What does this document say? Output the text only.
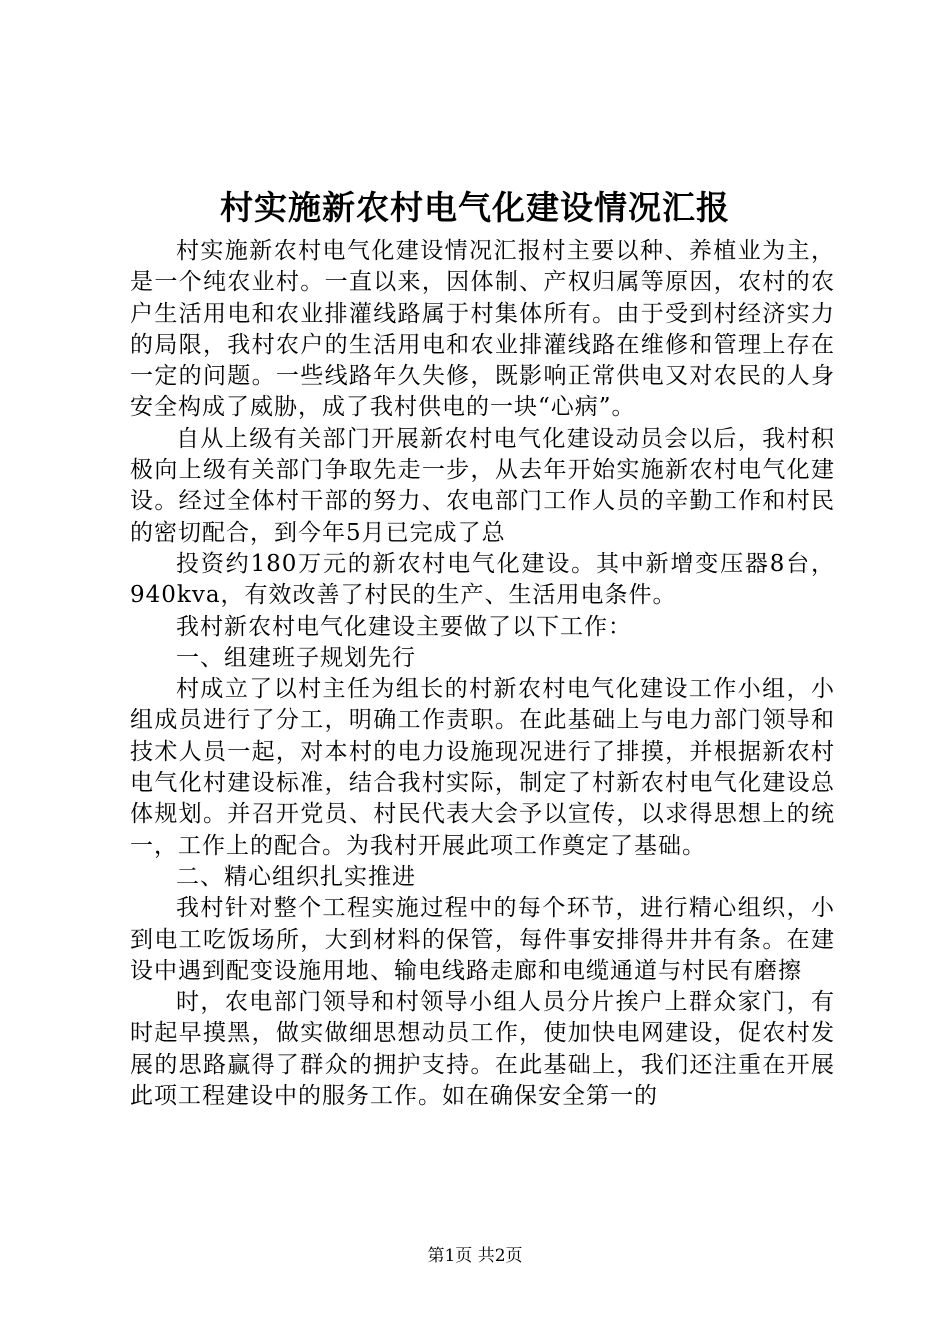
村实施新农村电气化建设情况汇报

村实施新农村电气化建设情况汇报村主要以种、养植业为主，是一个纯农业村。一直以来，因体制、产权归属等原因，农村的农户生活用电和农业排灌线路属于村集体所有。由于受到村经济实力的局限，我村农户的生活用电和农业排灌线路在维修和管理上存在一定的问题。一些线路年久失修，既影响正常供电又对农民的人身安全构成了威胁，成了我村供电的一块“心病”。

自从上级有关部门开展新农村电气化建设动员会以后，我村积极向上级有关部门争取先走一步，从去年开始实施新农村电气化建设。经过全体村干部的努力、农电部门工作人员的辛勤工作和村民的密切配合，到今年5月已完成了总

投资约180万元的新农村电气化建设。其中新增变压器8台，940kva，有效改善了村民的生产、生活用电条件。

我村新农村电气化建设主要做了以下工作：

一、组建班子规划先行

村成立了以村主任为组长的村新农村电气化建设工作小组，小组成员进行了分工，明确工作责职。在此基础上与电力部门领导和技术人员一起，对本村的电力设施现况进行了排摸，并根据新农村电气化村建设标准，结合我村实际，制定了村新农村电气化建设总体规划。并召开党员、村民代表大会予以宣传，以求得思想上的统一，工作上的配合。为我村开展此项工作奠定了基础。

二、精心组织扎实推进

我村针对整个工程实施过程中的每个环节，进行精心组织，小到电工吃饭场所，大到材料的保管，每件事安排得井井有条。在建设中遇到配变设施用地、输电线路走廊和电缆通道与村民有磨擦

时，农电部门领导和村领导小组人员分片挨户上群众家门，有时起早摸黑，做实做细思想动员工作，使加快电网建设，促农村发展的思路赢得了群众的拥护支持。在此基础上，我们还注重在开展此项工程建设中的服务工作。如在确保安全第一的

第1页 共2页
